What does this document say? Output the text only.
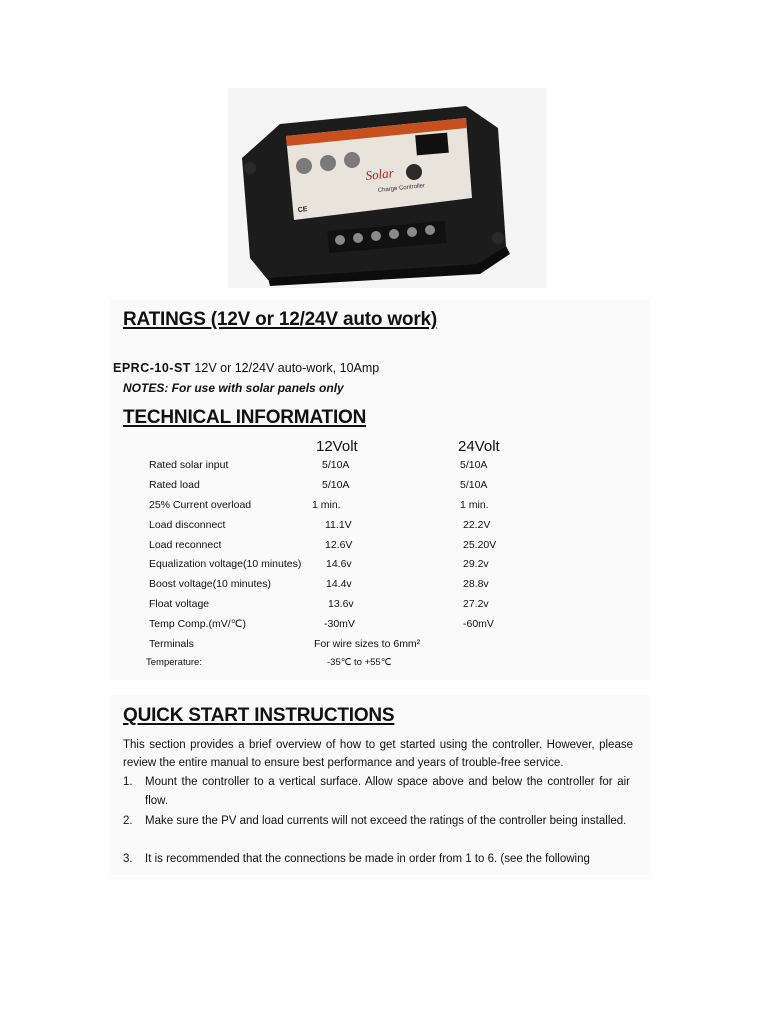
Solar
Charge Controller
CE
RATINGS (12V or 12/24V auto work)
EPRC-10-ST 12V or 12/24V auto-work, 10Amp
NOTES: For use with solar panels only
TECHNICAL INFORMATION
12Volt	24Volt
Rated solar input	5/10A	5/10A
Rated load	5/10A	5/10A
25% Current overload	1 min.	1 min.
Load disconnect	11.1V	22.2V
Load reconnect	12.6V	25.20V
Equalization voltage(10 minutes) 14.6v	29.2v
Boost voltage(10 minutes)	14.4v	28.8v
Float voltage	13.6v	27.2v
Temp Comp.(mV/℃)	-30mV	-60mV
Terminals	For wire sizes to 6mm²
Temperature:	-35℃ to +55℃
QUICK START INSTRUCTIONS
This section provides a brief overview of how to get started using the controller. However, please review the entire manual to ensure best performance and years of trouble-free service.
1. Mount the controller to a vertical surface. Allow space above and below the controller for air flow.
2. Make sure the PV and load currents will not exceed the ratings of the controller being installed.
3. It is recommended that the connections be made in order from 1 to 6. (see the following
